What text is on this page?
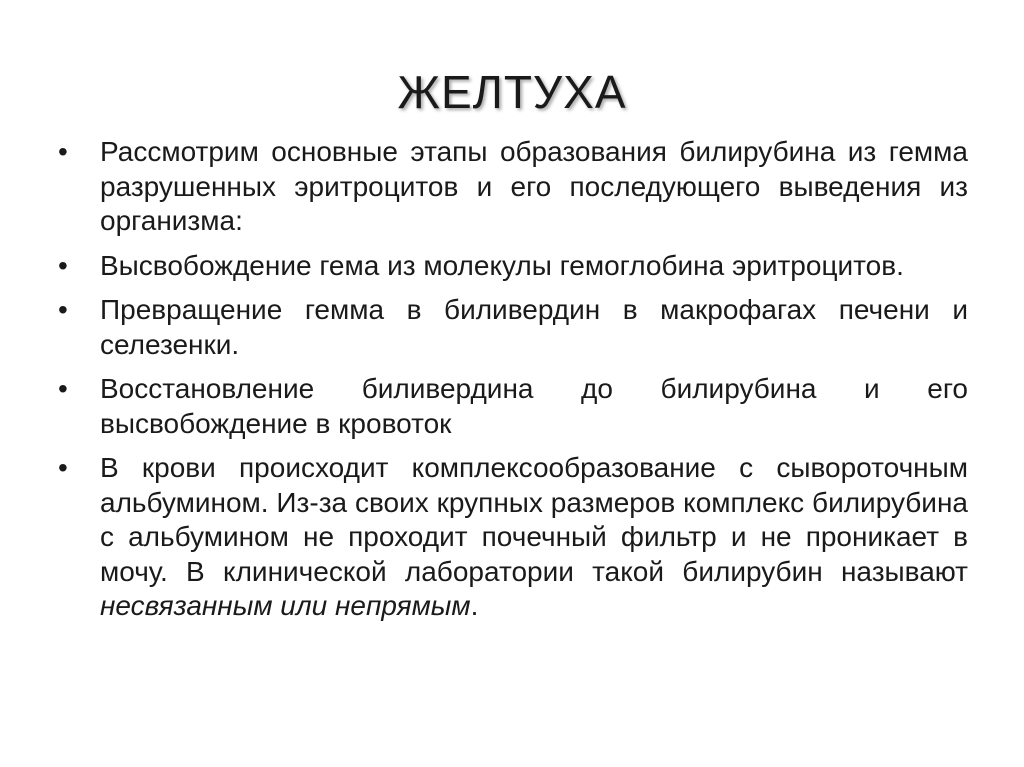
ЖЕЛТУХА
•	Рассмотрим основные этапы образования билирубина из гемма разрушенных эритроцитов и его последующего выведения из организма:
•	Высвобождение гема из молекулы гемоглобина эритроцитов.
•	Превращение гемма в биливердин в макрофагах печени и селезенки.
•	Восстановление биливердина до билирубина и его высвобождение в кровоток
•	В крови происходит комплексообразование с сывороточным альбумином. Из-за своих крупных размеров комплекс билирубина с альбумином не проходит почечный фильтр и не проникает в мочу. В клинической лаборатории такой билирубин называют несвязанным или непрямым.
